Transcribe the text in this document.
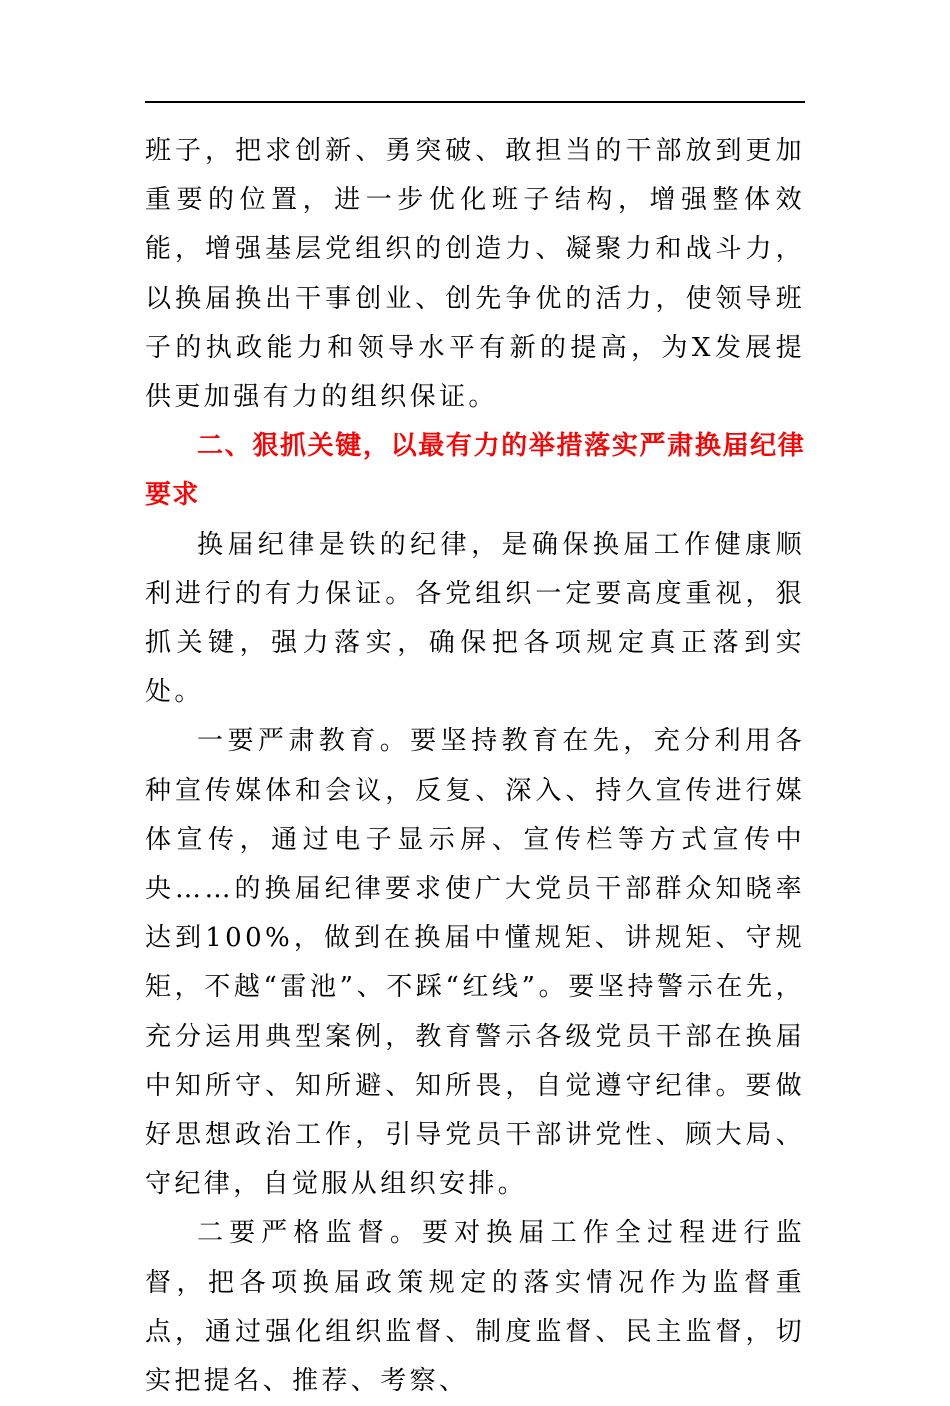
班子，把求创新、勇突破、敢担当的干部放到更加重要的位置，进一步优化班子结构，增强整体效能，增强基层党组织的创造力、凝聚力和战斗力，以换届换出干事创业、创先争优的活力，使领导班子的执政能力和领导水平有新的提高，为X发展提供更加强有力的组织保证。

二、狠抓关键，以最有力的举措落实严肃换届纪律要求

换届纪律是铁的纪律，是确保换届工作健康顺利进行的有力保证。各党组织一定要高度重视，狠抓关键，强力落实，确保把各项规定真正落到实处。

一要严肃教育。要坚持教育在先，充分利用各种宣传媒体和会议，反复、深入、持久宣传进行媒体宣传，通过电子显示屏、宣传栏等方式宣传中央……的换届纪律要求使广大党员干部群众知晓率达到100%，做到在换届中懂规矩、讲规矩、守规矩，不越“雷池”、不踩“红线”。要坚持警示在先，充分运用典型案例，教育警示各级党员干部在换届中知所守、知所避、知所畏，自觉遵守纪律。要做好思想政治工作，引导党员干部讲党性、顾大局、守纪律，自觉服从组织安排。

二要严格监督。要对换届工作全过程进行监督，把各项换届政策规定的落实情况作为监督重点，通过强化组织监督、制度监督、民主监督，切实把提名、推荐、考察、
